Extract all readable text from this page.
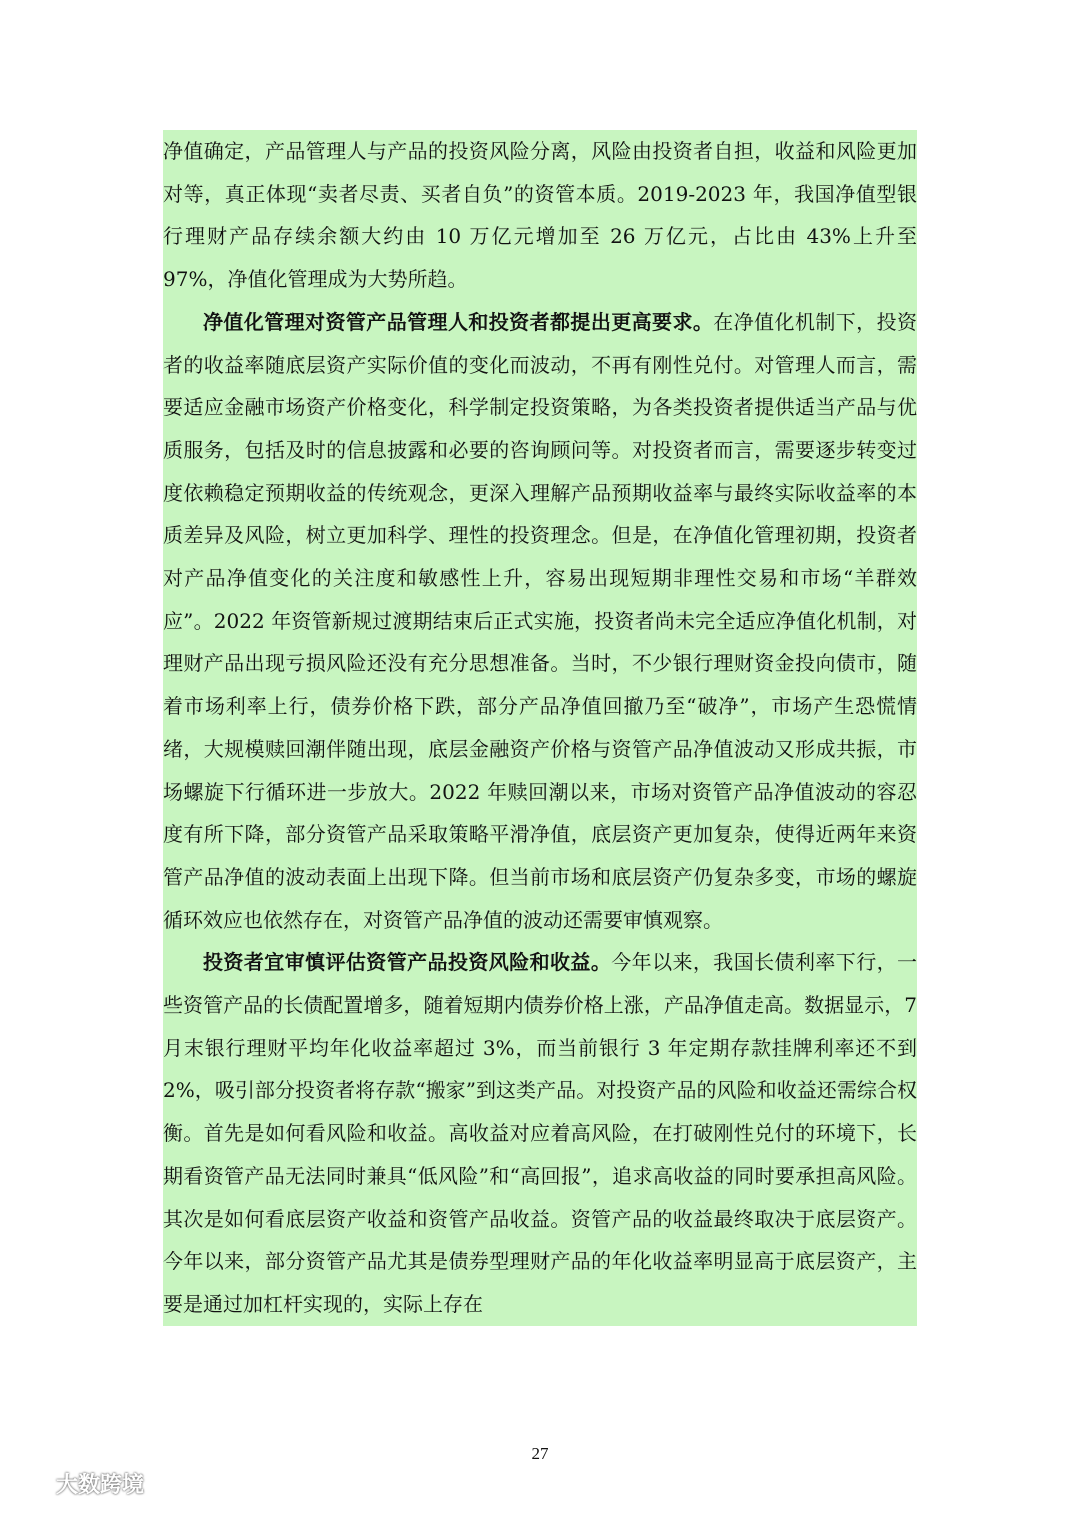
净值确定，产品管理人与产品的投资风险分离，风险由投资者自担，收益和风险更加对等，真正体现“卖者尽责、买者自负”的资管本质。2019-2023 年，我国净值型银行理财产品存续余额大约由 10 万亿元增加至 26 万亿元，占比由 43%上升至 97%，净值化管理成为大势所趋。

净值化管理对资管产品管理人和投资者都提出更高要求。在净值化机制下，投资者的收益率随底层资产实际价值的变化而波动，不再有刚性兑付。对管理人而言，需要适应金融市场资产价格变化，科学制定投资策略，为各类投资者提供适当产品与优质服务，包括及时的信息披露和必要的咨询顾问等。对投资者而言，需要逐步转变过度依赖稳定预期收益的传统观念，更深入理解产品预期收益率与最终实际收益率的本质差异及风险，树立更加科学、理性的投资理念。但是，在净值化管理初期，投资者对产品净值变化的关注度和敏感性上升，容易出现短期非理性交易和市场“羊群效应”。2022 年资管新规过渡期结束后正式实施，投资者尚未完全适应净值化机制，对理财产品出现亏损风险还没有充分思想准备。当时，不少银行理财资金投向债市，随着市场利率上行，债券价格下跌，部分产品净值回撤乃至“破净”，市场产生恐慌情绪，大规模赎回潮伴随出现，底层金融资产价格与资管产品净值波动又形成共振，市场螺旋下行循环进一步放大。2022 年赎回潮以来，市场对资管产品净值波动的容忍度有所下降，部分资管产品采取策略平滑净值，底层资产更加复杂，使得近两年来资管产品净值的波动表面上出现下降。但当前市场和底层资产仍复杂多变，市场的螺旋循环效应也依然存在，对资管产品净值的波动还需要审慎观察。

投资者宜审慎评估资管产品投资风险和收益。今年以来，我国长债利率下行，一些资管产品的长债配置增多，随着短期内债券价格上涨，产品净值走高。数据显示，7 月末银行理财平均年化收益率超过 3%，而当前银行 3 年定期存款挂牌利率还不到 2%，吸引部分投资者将存款“搬家”到这类产品。对投资产品的风险和收益还需综合权衡。首先是如何看风险和收益。高收益对应着高风险，在打破刚性兑付的环境下，长期看资管产品无法同时兼具“低风险”和“高回报”，追求高收益的同时要承担高风险。其次是如何看底层资产收益和资管产品收益。资管产品的收益最终取决于底层资产。今年以来，部分资管产品尤其是债券型理财产品的年化收益率明显高于底层资产，主要是通过加杠杆实现的，实际上存在

27
大数跨境
